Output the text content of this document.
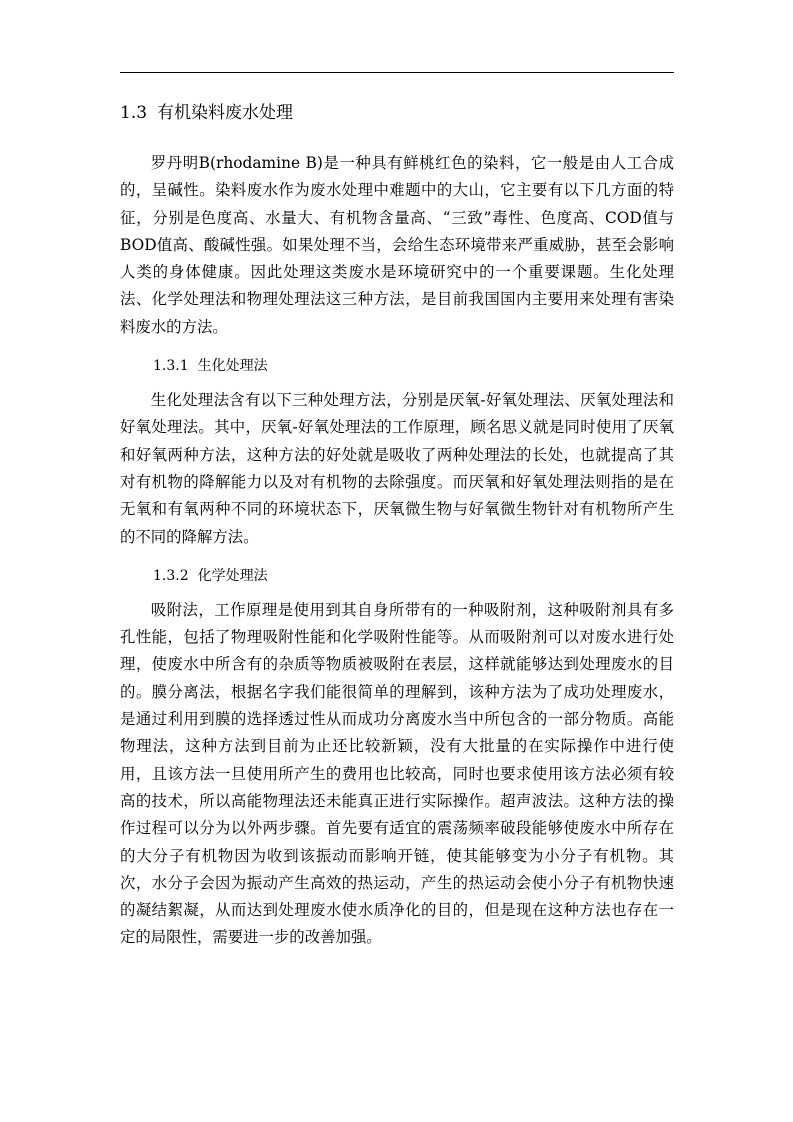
1.3 有机染料废水处理

罗丹明B(rhodamine B)是一种具有鲜桃红色的染料，它一般是由人工合成的，呈碱性。染料废水作为废水处理中难题中的大山，它主要有以下几方面的特征，分别是色度高、水量大、有机物含量高、“三致”毒性、色度高、COD值与BOD值高、酸碱性强。如果处理不当，会给生态环境带来严重威胁，甚至会影响人类的身体健康。因此处理这类废水是环境研究中的一个重要课题。生化处理法、化学处理法和物理处理法这三种方法，是目前我国国内主要用来处理有害染料废水的方法。

1.3.1 生化处理法

生化处理法含有以下三种处理方法，分别是厌氧-好氧处理法、厌氧处理法和好氧处理法。其中，厌氧-好氧处理法的工作原理，顾名思义就是同时使用了厌氧和好氧两种方法，这种方法的好处就是吸收了两种处理法的长处，也就提高了其对有机物的降解能力以及对有机物的去除强度。而厌氧和好氧处理法则指的是在无氧和有氧两种不同的环境状态下，厌氧微生物与好氧微生物针对有机物所产生的不同的降解方法。

1.3.2 化学处理法

吸附法，工作原理是使用到其自身所带有的一种吸附剂，这种吸附剂具有多孔性能，包括了物理吸附性能和化学吸附性能等。从而吸附剂可以对废水进行处理，使废水中所含有的杂质等物质被吸附在表层，这样就能够达到处理废水的目的。膜分离法，根据名字我们能很简单的理解到，该种方法为了成功处理废水，是通过利用到膜的选择透过性从而成功分离废水当中所包含的一部分物质。高能物理法，这种方法到目前为止还比较新颖，没有大批量的在实际操作中进行使用，且该方法一旦使用所产生的费用也比较高，同时也要求使用该方法必须有较高的技术，所以高能物理法还未能真正进行实际操作。超声波法。这种方法的操作过程可以分为以外两步骤。首先要有适宜的震荡频率破段能够使废水中所存在的大分子有机物因为收到该振动而影响开链，使其能够变为小分子有机物。其次，水分子会因为振动产生高效的热运动，产生的热运动会使小分子有机物快速的凝结絮凝，从而达到处理废水使水质净化的目的，但是现在这种方法也存在一定的局限性，需要进一步的改善加强。
